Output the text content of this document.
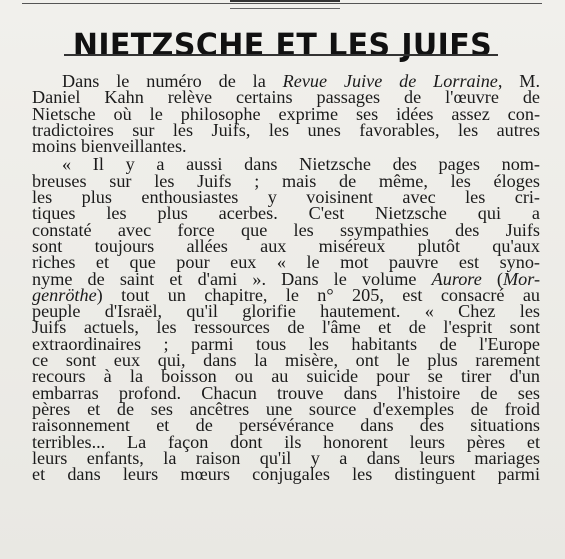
NIETZSCHE ET LES JUIFS
Dans le numéro de la Revue Juive de Lorraine, M.
Daniel Kahn relève certains passages de l'œuvre de
Nietsche où le philosophe exprime ses idées assez con-
tradictoires sur les Juifs, les unes favorables, les autres
moins bienveillantes.
« Il y a aussi dans Nietzsche des pages nom-
breuses sur les Juifs ; mais de même, les éloges
les plus enthousiastes y voisinent avec les cri-
tiques les plus acerbes. C'est Nietzsche qui a
constaté avec force que les ssympathies des Juifs
sont toujours allées aux miséreux plutôt qu'aux
riches et que pour eux « le mot pauvre est syno-
nyme de saint et d'ami ». Dans le volume Aurore (Mor-
genröthe) tout un chapitre, le n° 205, est consacré au
peuple d'Israël, qu'il glorifie hautement. « Chez les
Juifs actuels, les ressources de l'âme et de l'esprit sont
extraordinaires ; parmi tous les habitants de l'Europe
ce sont eux qui, dans la misère, ont le plus rarement
recours à la boisson ou au suicide pour se tirer d'un
embarras profond. Chacun trouve dans l'histoire de ses
pères et de ses ancêtres une source d'exemples de froid
raisonnement et de persévérance dans des situations
terribles... La façon dont ils honorent leurs pères et
leurs enfants, la raison qu'il y a dans leurs mariages
et dans leurs mœurs conjugales les distinguent parmi
